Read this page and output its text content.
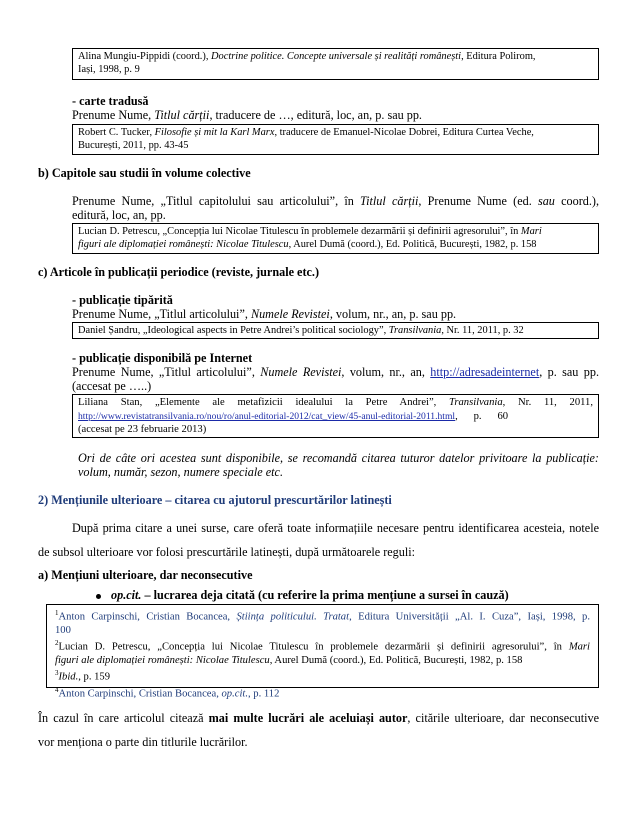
Alina Mungiu-Pippidi (coord.), Doctrine politice. Concepte universale și realități românești, Editura Polirom,
Iași, 1998, p. 9
- carte tradusă
Prenume Nume, Titlul cărții, traducere de …, editură, loc, an, p. sau pp.
Robert C. Tucker, Filosofie și mit la Karl Marx, traducere de Emanuel-Nicolae Dobrei, Editura Curtea Veche,
București, 2011, pp. 43-45
b) Capitole sau studii în volume colective
Prenume Nume, „Titlul capitolului sau articolului”, în Titlul cărții, Prenume Nume (ed. sau coord.),
editură, loc, an, pp.
Lucian D. Petrescu, „Concepția lui Nicolae Titulescu în problemele dezarmării și definirii agresorului”, în Mari
figuri ale diplomației românești: Nicolae Titulescu, Aurel Dumă (coord.), Ed. Politică, București, 1982, p. 158
c) Articole în publicații periodice (reviste, jurnale etc.)
- publicație tipărită
Prenume Nume, „Titlul articolului”, Numele Revistei, volum, nr., an, p. sau pp.
Daniel Șandru, „Ideological aspects in Petre Andrei’s political sociology”, Transilvania, Nr. 11, 2011, p. 32
- publicație disponibilă pe Internet
Prenume Nume, „Titlul articolului”, Numele Revistei, volum, nr., an, http://adresadeinternet, p. sau pp.
(accesat pe …..)
Liliana Stan, „Elemente ale metafizicii idealului la Petre Andrei”, Transilvania, Nr. 11, 2011,
http://www.revistatransilvania.ro/nou/ro/anul-editorial-2012/cat_view/45-anul-editorial-2011.html,      p.      60
(accesat pe 23 februarie 2013)
Ori de câte ori acestea sunt disponibile, se recomandă citarea tuturor datelor privitoare la publicație:
volum, număr, sezon, numere speciale etc.
2) Mențiunile ulterioare – citarea cu ajutorul prescurtărilor latinești
După prima citare a unei surse, care oferă toate informațiile necesare pentru identificarea acesteia, notele
de subsol ulterioare vor folosi prescurtările latinești, după următoarele reguli:
a) Mențiuni ulterioare, dar neconsecutive
op.cit. – lucrarea deja citată (cu referire la prima mențiune a sursei în cauză)
$^1$Anton Carpinschi, Cristian Bocancea, Știința politicului. Tratat, Editura Universității „Al. I. Cuza”, Iași, 1998, p.
100
$^2$Lucian D. Petrescu, „Concepția lui Nicolae Titulescu în problemele dezarmării și definirii agresorului”, în Mari
figuri ale diplomației românești: Nicolae Titulescu, Aurel Dumă (coord.), Ed. Politică, București, 1982, p. 158
$^3$Ibid., p. 159
$^4$Anton Carpinschi, Cristian Bocancea, op.cit., p. 112
În cazul în care articolul citează mai multe lucrări ale aceluiași autor, citările ulterioare, dar neconsecutive
vor menționa o parte din titlurile lucrărilor.
